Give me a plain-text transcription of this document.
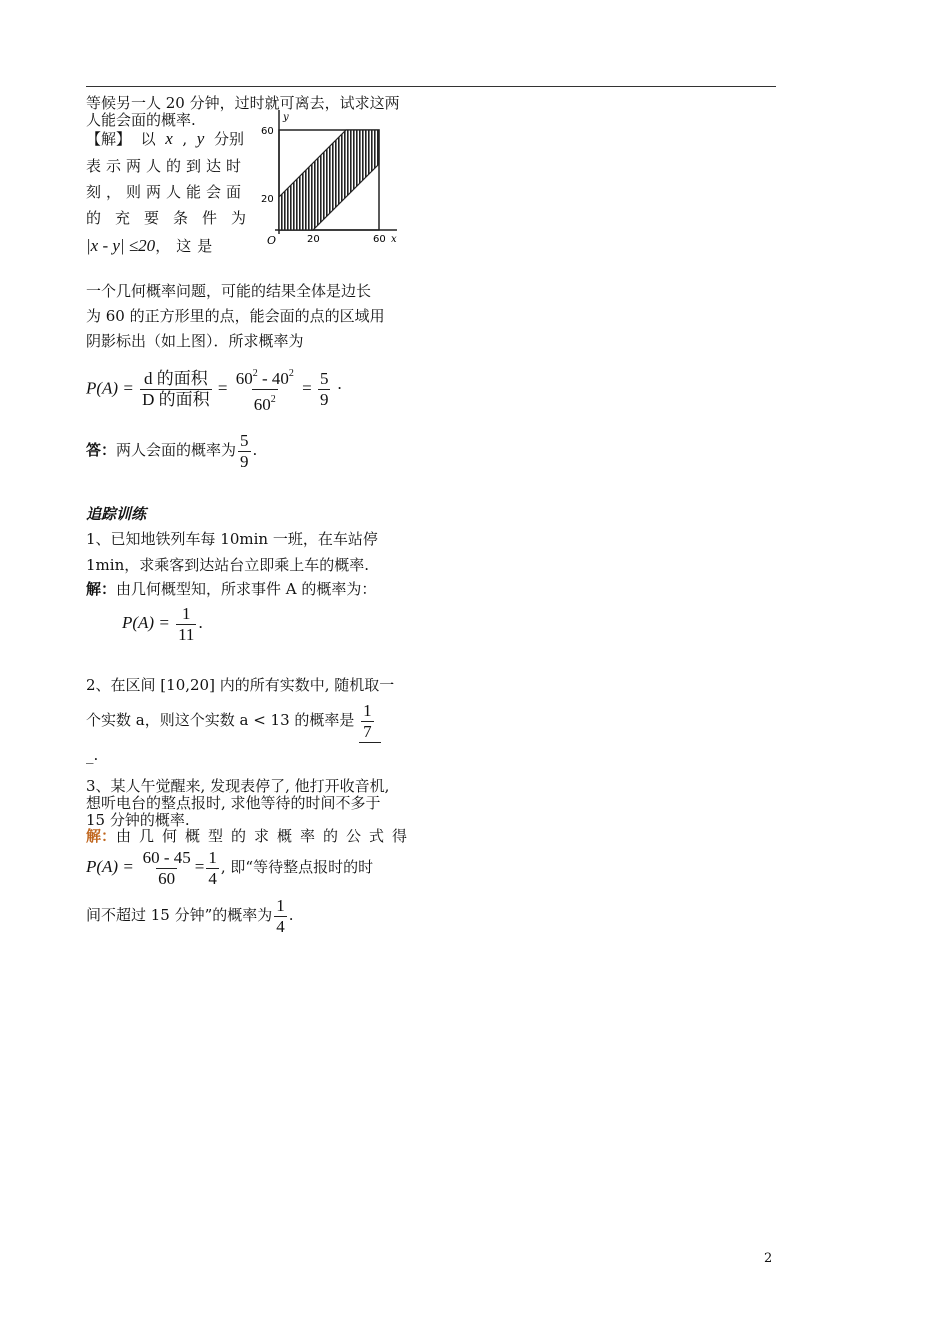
等候另一人 20 分钟，过时就可离去，试求这两
人能会面的概率.
【解】 以 x , y 分别
表示两人的到达时
刻，则两人能会面
的充要条件为
|x - y| ≤20，这是
60
20
O	20	60 x
y
一个几何概率问题，可能的结果全体是边长
为 60 的正方形里的点，能会面的点的区域用
阴影标出（如上图）．所求概率为
$P(A) = \frac{\text{d 的面积}}{\text{D 的面积}} = \frac{60^2 - 40^2}{60^2} = \frac{5}{9}$ ·
答：两人会面的概率为 $\frac{5}{9}$ .
追踪训练
1、已知地铁列车每 10min 一班，在车站停
1min，求乘客到达站台立即乘上车的概率.
解：由几何概型知，所求事件 A 的概率为：
$P(A) = \frac{1}{11}$ .
2、在区间 [10,20] 内的所有实数中, 随机取一
个实数 a，则这个实数 a < 13 的概率是 $\frac{1}{7}$
_.
3、某人午觉醒来, 发现表停了, 他打开收音机,
想听电台的整点报时, 求他等待的时间不多于
15 分钟的概率.
解：由几何概型的求概率的公式得
$P(A) = \frac{60 - 45}{60} = \frac{1}{4}$ , 即“等待整点报时的时
间不超过 15 分钟”的概率为 $\frac{1}{4}$ .
2
